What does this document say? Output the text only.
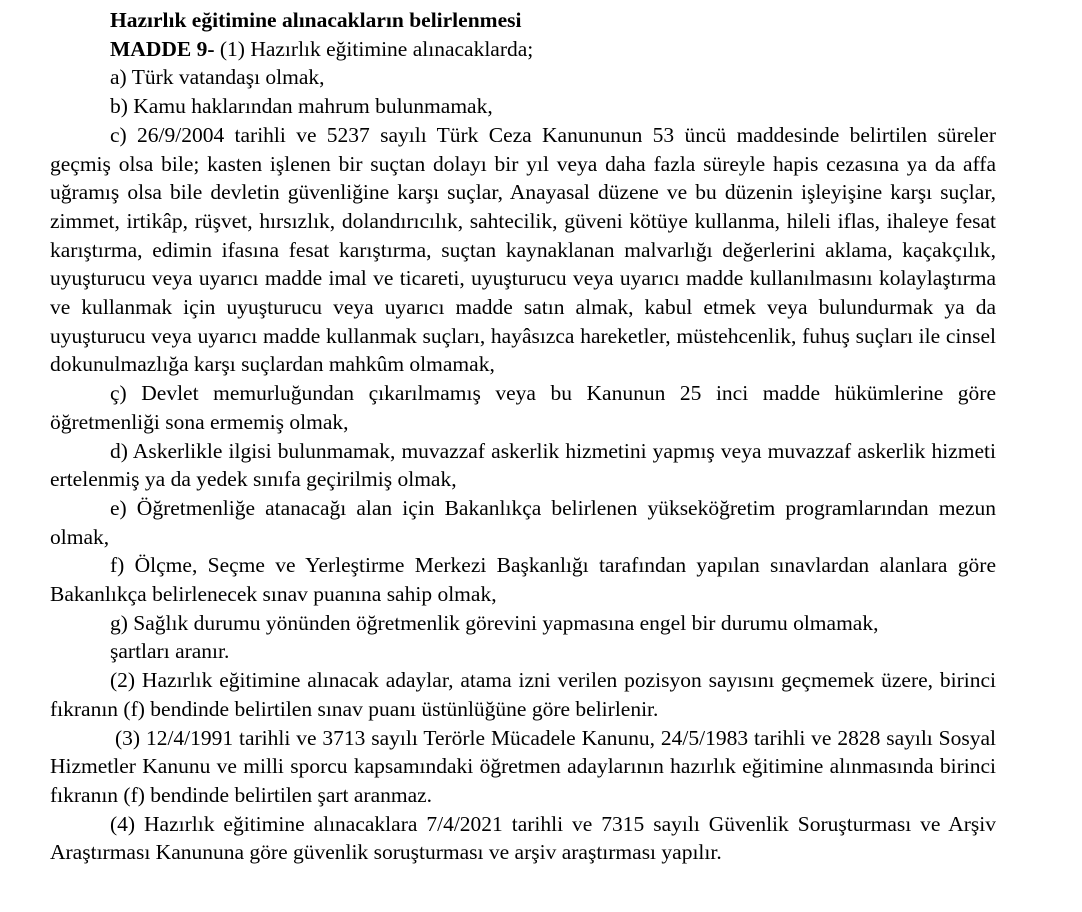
Hazırlık eğitimine alınacakların belirlenmesi

MADDE 9- (1) Hazırlık eğitimine alınacaklarda;

a) Türk vatandaşı olmak,

b) Kamu haklarından mahrum bulunmamak,

c) 26/9/2004 tarihli ve 5237 sayılı Türk Ceza Kanununun 53 üncü maddesinde belirtilen süreler geçmiş olsa bile; kasten işlenen bir suçtan dolayı bir yıl veya daha fazla süreyle hapis cezasına ya da affa uğramış olsa bile devletin güvenliğine karşı suçlar, Anayasal düzene ve bu düzenin işleyişine karşı suçlar, zimmet, irtikâp, rüşvet, hırsızlık, dolandırıcılık, sahtecilik, güveni kötüye kullanma, hileli iflas, ihaleye fesat karıştırma, edimin ifasına fesat karıştırma, suçtan kaynaklanan malvarlığı değerlerini aklama, kaçakçılık, uyuşturucu veya uyarıcı madde imal ve ticareti, uyuşturucu veya uyarıcı madde kullanılmasını kolaylaştırma ve kullanmak için uyuşturucu veya uyarıcı madde satın almak, kabul etmek veya bulundurmak ya da uyuşturucu veya uyarıcı madde kullanmak suçları, hayâsızca hareketler, müstehcenlik, fuhuş suçları ile cinsel dokunulmazlığa karşı suçlardan mahkûm olmamak,

ç) Devlet memurluğundan çıkarılmamış veya bu Kanunun 25 inci madde hükümlerine göre öğretmenliği sona ermemiş olmak,

d) Askerlikle ilgisi bulunmamak, muvazzaf askerlik hizmetini yapmış veya muvazzaf askerlik hizmeti ertelenmiş ya da yedek sınıfa geçirilmiş olmak,

e) Öğretmenliğe atanacağı alan için Bakanlıkça belirlenen yükseköğretim programlarından mezun olmak,

f) Ölçme, Seçme ve Yerleştirme Merkezi Başkanlığı tarafından yapılan sınavlardan alanlara göre Bakanlıkça belirlenecek sınav puanına sahip olmak,

g) Sağlık durumu yönünden öğretmenlik görevini yapmasına engel bir durumu olmamak,

şartları aranır.

(2) Hazırlık eğitimine alınacak adaylar, atama izni verilen pozisyon sayısını geçmemek üzere, birinci fıkranın (f) bendinde belirtilen sınav puanı üstünlüğüne göre belirlenir.

(3) 12/4/1991 tarihli ve 3713 sayılı Terörle Mücadele Kanunu, 24/5/1983 tarihli ve 2828 sayılı Sosyal Hizmetler Kanunu ve milli sporcu kapsamındaki öğretmen adaylarının hazırlık eğitimine alınmasında birinci fıkranın (f) bendinde belirtilen şart aranmaz.

(4) Hazırlık eğitimine alınacaklara 7/4/2021 tarihli ve 7315 sayılı Güvenlik Soruşturması ve Arşiv Araştırması Kanununa göre güvenlik soruşturması ve arşiv araştırması yapılır.
